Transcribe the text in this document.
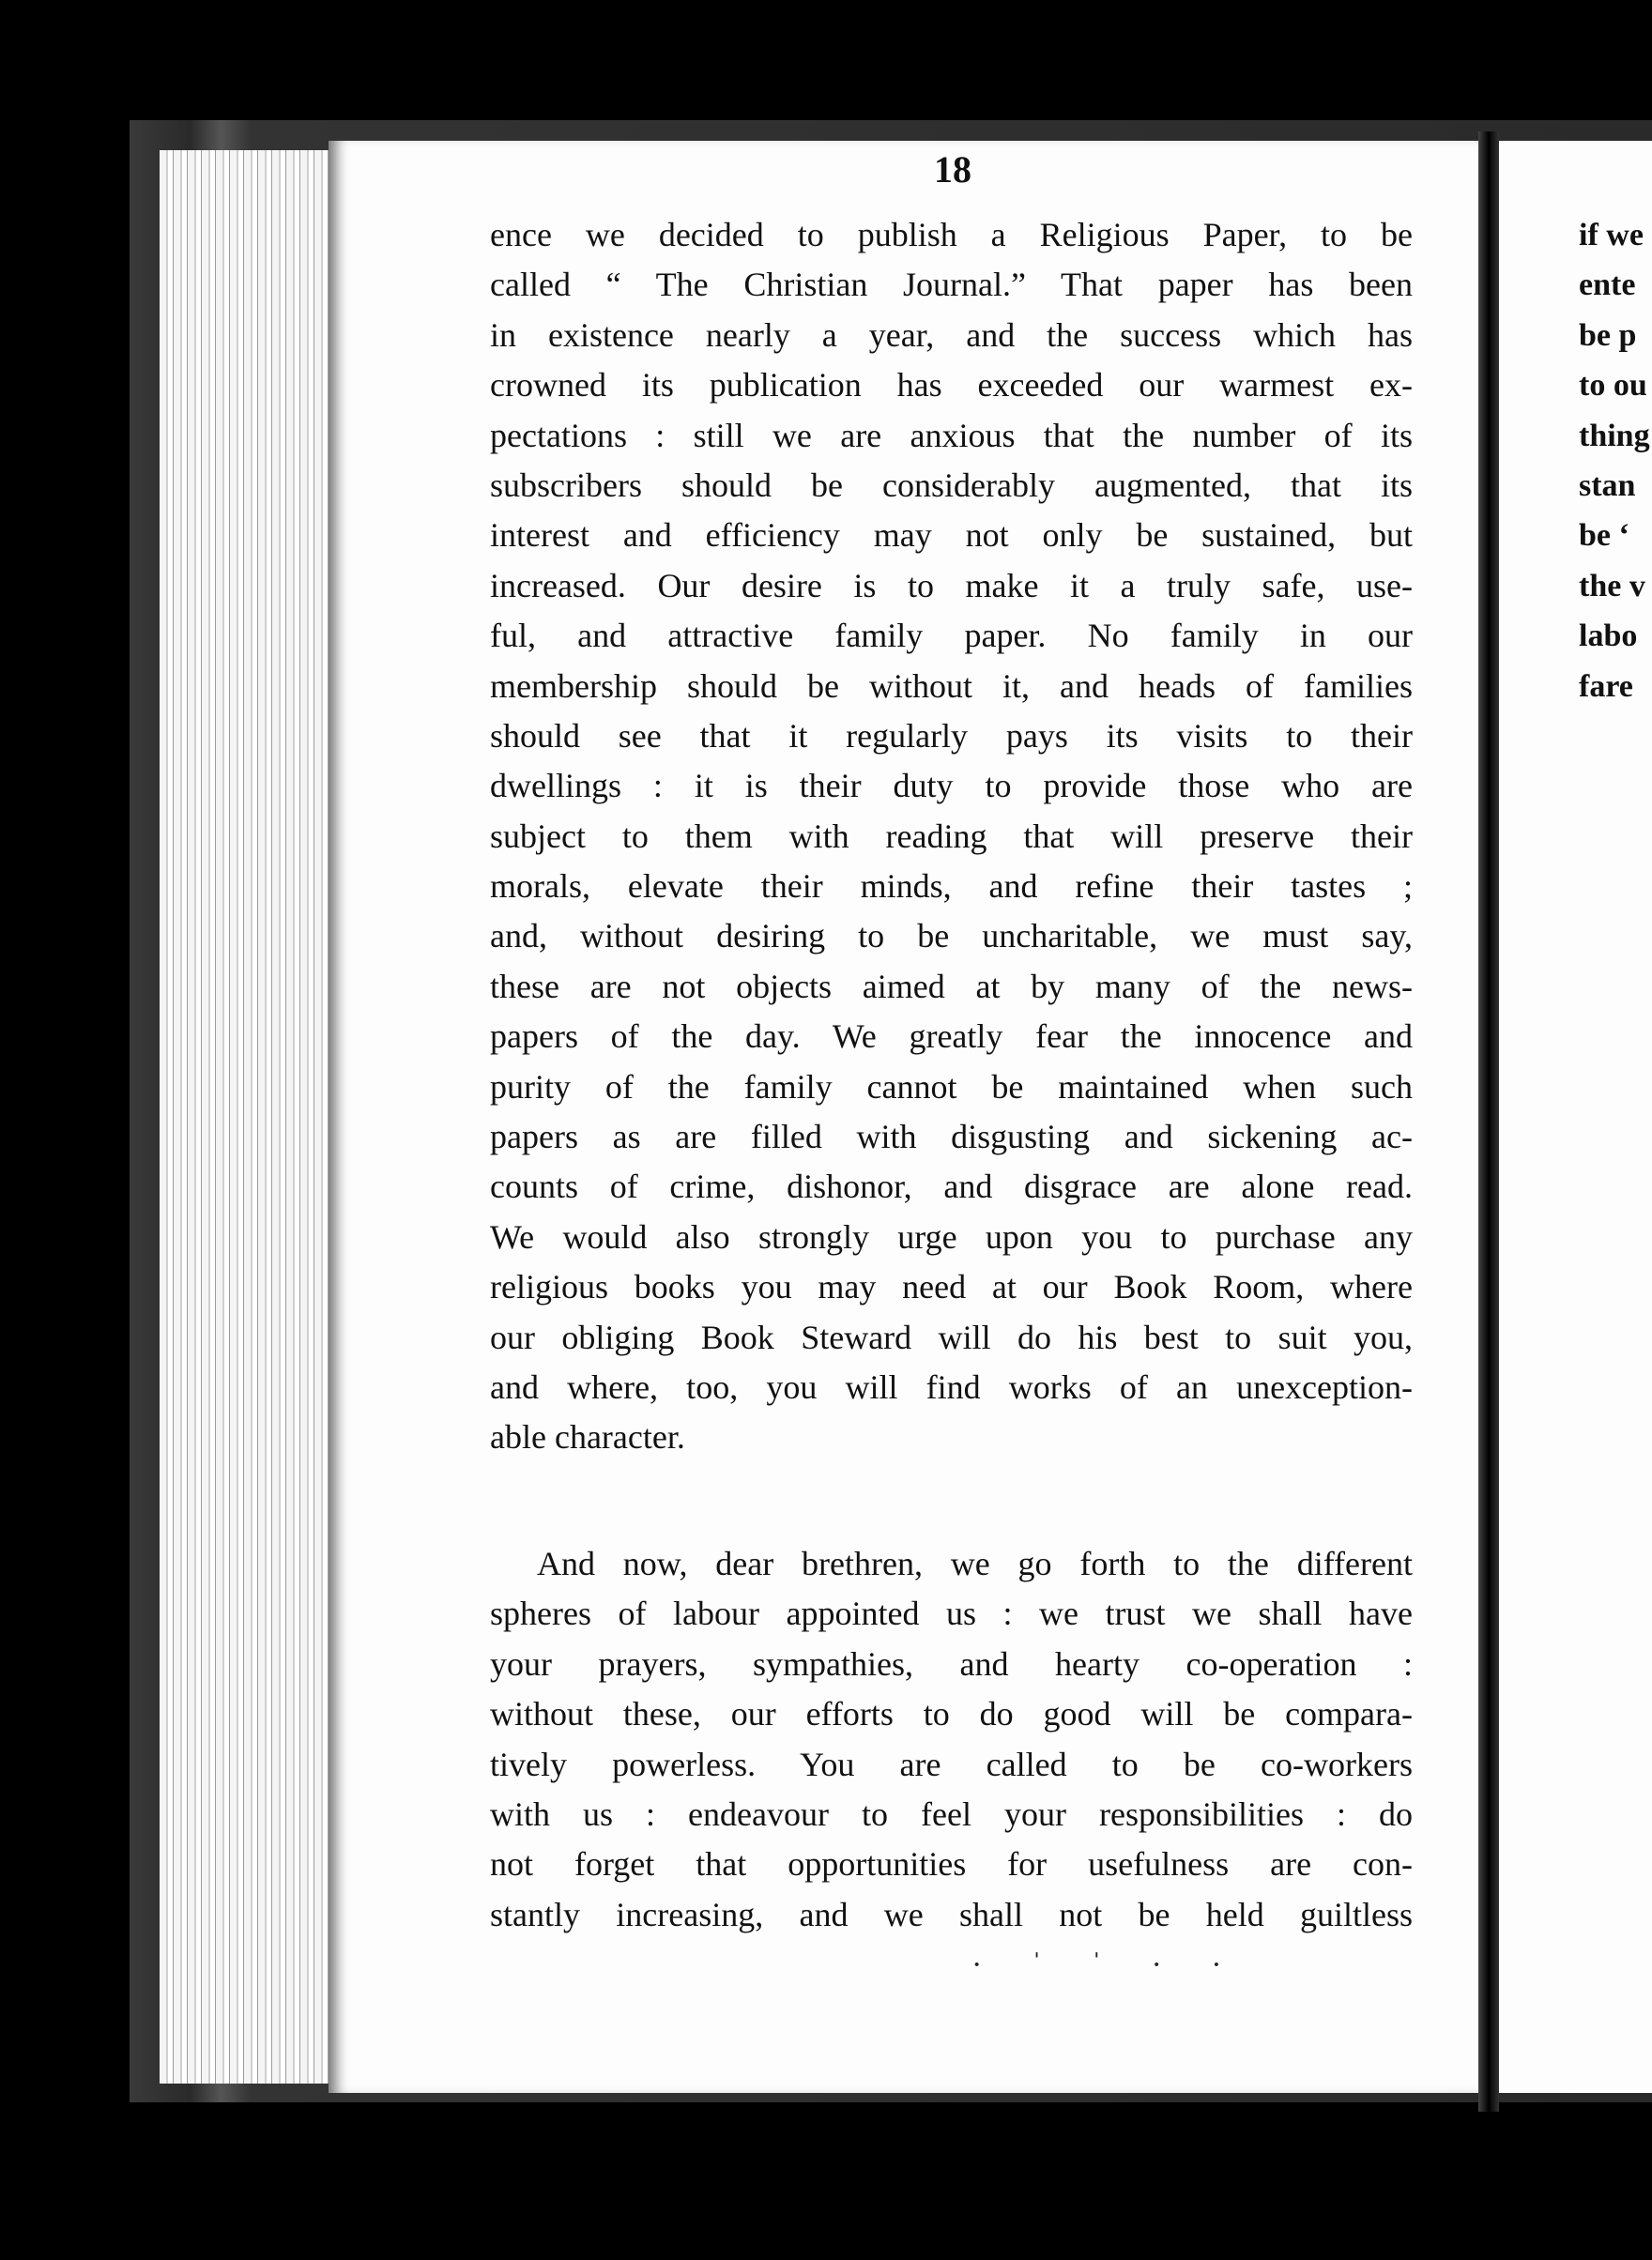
18
ence we decided to publish a Religious Paper, to be
called “ The Christian Journal.” That paper has been
in existence nearly a year, and the success which has
crowned its publication has exceeded our warmest ex-
pectations : still we are anxious that the number of its
subscribers should be considerably augmented, that its
interest and efficiency may not only be sustained, but
increased. Our desire is to make it a truly safe, use-
ful, and attractive family paper. No family in our
membership should be without it, and heads of families
should see that it regularly pays its visits to their
dwellings : it is their duty to provide those who are
subject to them with reading that will preserve their
morals, elevate their minds, and refine their tastes ;
and, without desiring to be uncharitable, we must say,
these are not objects aimed at by many of the news-
papers of the day. We greatly fear the innocence and
purity of the family cannot be maintained when such
papers as are filled with disgusting and sickening ac-
counts of crime, dishonor, and disgrace are alone read.
We would also strongly urge upon you to purchase any
religious books you may need at our Book Room, where
our obliging Book Steward will do his best to suit you,
and where, too, you will find works of an unexception-
able character.
And now, dear brethren, we go forth to the different
spheres of labour appointed us : we trust we shall have
your prayers, sympathies, and hearty co-operation :
without these, our efforts to do good will be compara-
tively powerless. You are called to be co-workers
with us : endeavour to feel your responsibilities : do
not forget that opportunities for usefulness are con-
stantly increasing, and we shall not be held guiltless
if we
ente
be p
to ou
thing
stan
be ‘
the v
labo
fare
· ˈ ˈ · ·
